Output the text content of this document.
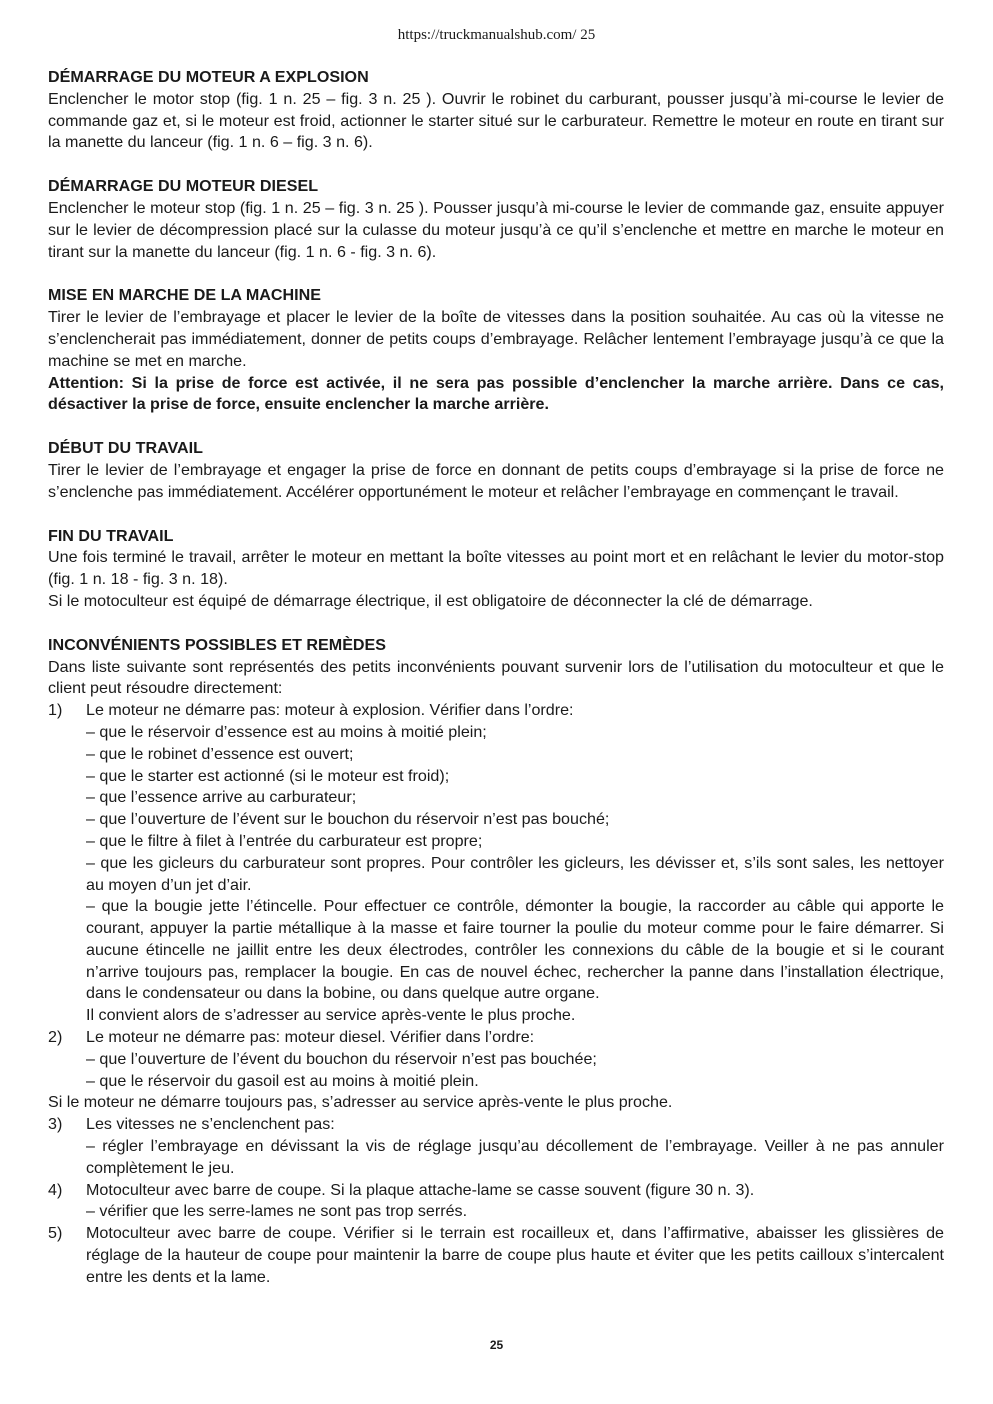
https://truckmanualshub.com/ 25
DÉMARRAGE DU MOTEUR A EXPLOSION

Enclencher le motor stop (fig. 1 n. 25 – fig. 3 n. 25 ). Ouvrir le robinet du carburant, pousser jusqu’à mi-course le levier de commande gaz et, si le moteur est froid, actionner le starter situé sur le carburateur. Remettre le moteur en route en tirant sur la manette du lanceur (fig. 1 n. 6 – fig. 3 n. 6).

DÉMARRAGE DU MOTEUR DIESEL

Enclencher le moteur stop (fig. 1 n. 25 – fig. 3 n. 25 ). Pousser jusqu’à mi-course le levier de commande gaz, ensuite appuyer sur le levier de décompression placé sur la culasse du moteur jusqu’à ce qu’il s’enclenche et mettre en marche le moteur en tirant sur la manette du lanceur (fig. 1 n. 6 - fig. 3 n. 6).

MISE EN MARCHE DE LA MACHINE

Tirer le levier de l’embrayage et placer le levier de la boîte de vitesses dans la position souhaitée. Au cas où la vitesse ne s’enclencherait pas immédiatement, donner de petits coups d’embrayage. Relâcher lentement l’embrayage jusqu’à ce que la machine se met en marche.

Attention: Si la prise de force est activée, il ne sera pas possible d’enclencher la marche arrière. Dans ce cas, désactiver la prise de force, ensuite enclencher la marche arrière.

DÉBUT DU TRAVAIL

Tirer le levier de l’embrayage et engager la prise de force en donnant de petits coups d’embrayage si la prise de force ne s’enclenche pas immédiatement. Accélérer opportunément le moteur et relâcher l’embrayage en commençant le travail.

FIN DU TRAVAIL

Une fois terminé le travail, arrêter le moteur en mettant la boîte vitesses au point mort et en relâchant le levier du motor-stop (fig. 1 n. 18 - fig. 3 n. 18).

Si le motoculteur est équipé de démarrage électrique, il est obligatoire de déconnecter la clé de démarrage.

INCONVÉNIENTS POSSIBLES ET REMÈDES

Dans liste suivante sont représentés des petits inconvénients pouvant survenir lors de l’utilisation du motoculteur et que le client peut résoudre directement:

1)	Le moteur ne démarre pas: moteur à explosion. Vérifier dans l’ordre:

– que le réservoir d’essence est au moins à moitié plein;

– que le robinet d’essence est ouvert;

– que le starter est actionné (si le moteur est froid);

– que l’essence arrive au carburateur;

– que l’ouverture de l’évent sur le bouchon du réservoir n’est pas bouché;

– que le filtre à filet à l’entrée du carburateur est propre;

– que les gicleurs du carburateur sont propres. Pour contrôler les gicleurs, les dévisser et, s’ils sont sales, les nettoyer au moyen d’un jet d’air.

– que la bougie jette l’étincelle. Pour effectuer ce contrôle, démonter la bougie, la raccorder au câble qui apporte le courant, appuyer la partie métallique à la masse et faire tourner la poulie du moteur comme pour le faire démarrer. Si aucune étincelle ne jaillit entre les deux électrodes, contrôler les connexions du câble de la bougie et si le courant n’arrive toujours pas, remplacer la bougie. En cas de nouvel échec, rechercher la panne dans l’installation électrique, dans le condensateur ou dans la bobine, ou dans quelque autre organe.

Il convient alors de s’adresser au service après-vente le plus proche.

2)	Le moteur ne démarre pas: moteur diesel. Vérifier dans l’ordre:

– que l’ouverture de l’évent du bouchon du réservoir n’est pas bouchée;

– que le réservoir du gasoil est au moins à moitié plein.

Si le moteur ne démarre toujours pas, s’adresser au service après-vente le plus proche.

3)	Les vitesses ne s’enclenchent pas:

– régler l’embrayage en dévissant la vis de réglage jusqu’au décollement de l’embrayage. Veiller à ne pas annuler complètement le jeu.

4)	Motoculteur avec barre de coupe. Si la plaque attache-lame se casse souvent (figure 30 n. 3).

– vérifier que les serre-lames ne sont pas trop serrés.

5)	Motoculteur avec barre de coupe. Vérifier si le terrain est rocailleux et, dans l’affirmative, abaisser les glissières de réglage de la hauteur de coupe pour maintenir la barre de coupe plus haute et éviter que les petits cailloux s’intercalent entre les dents et la lame.

25
